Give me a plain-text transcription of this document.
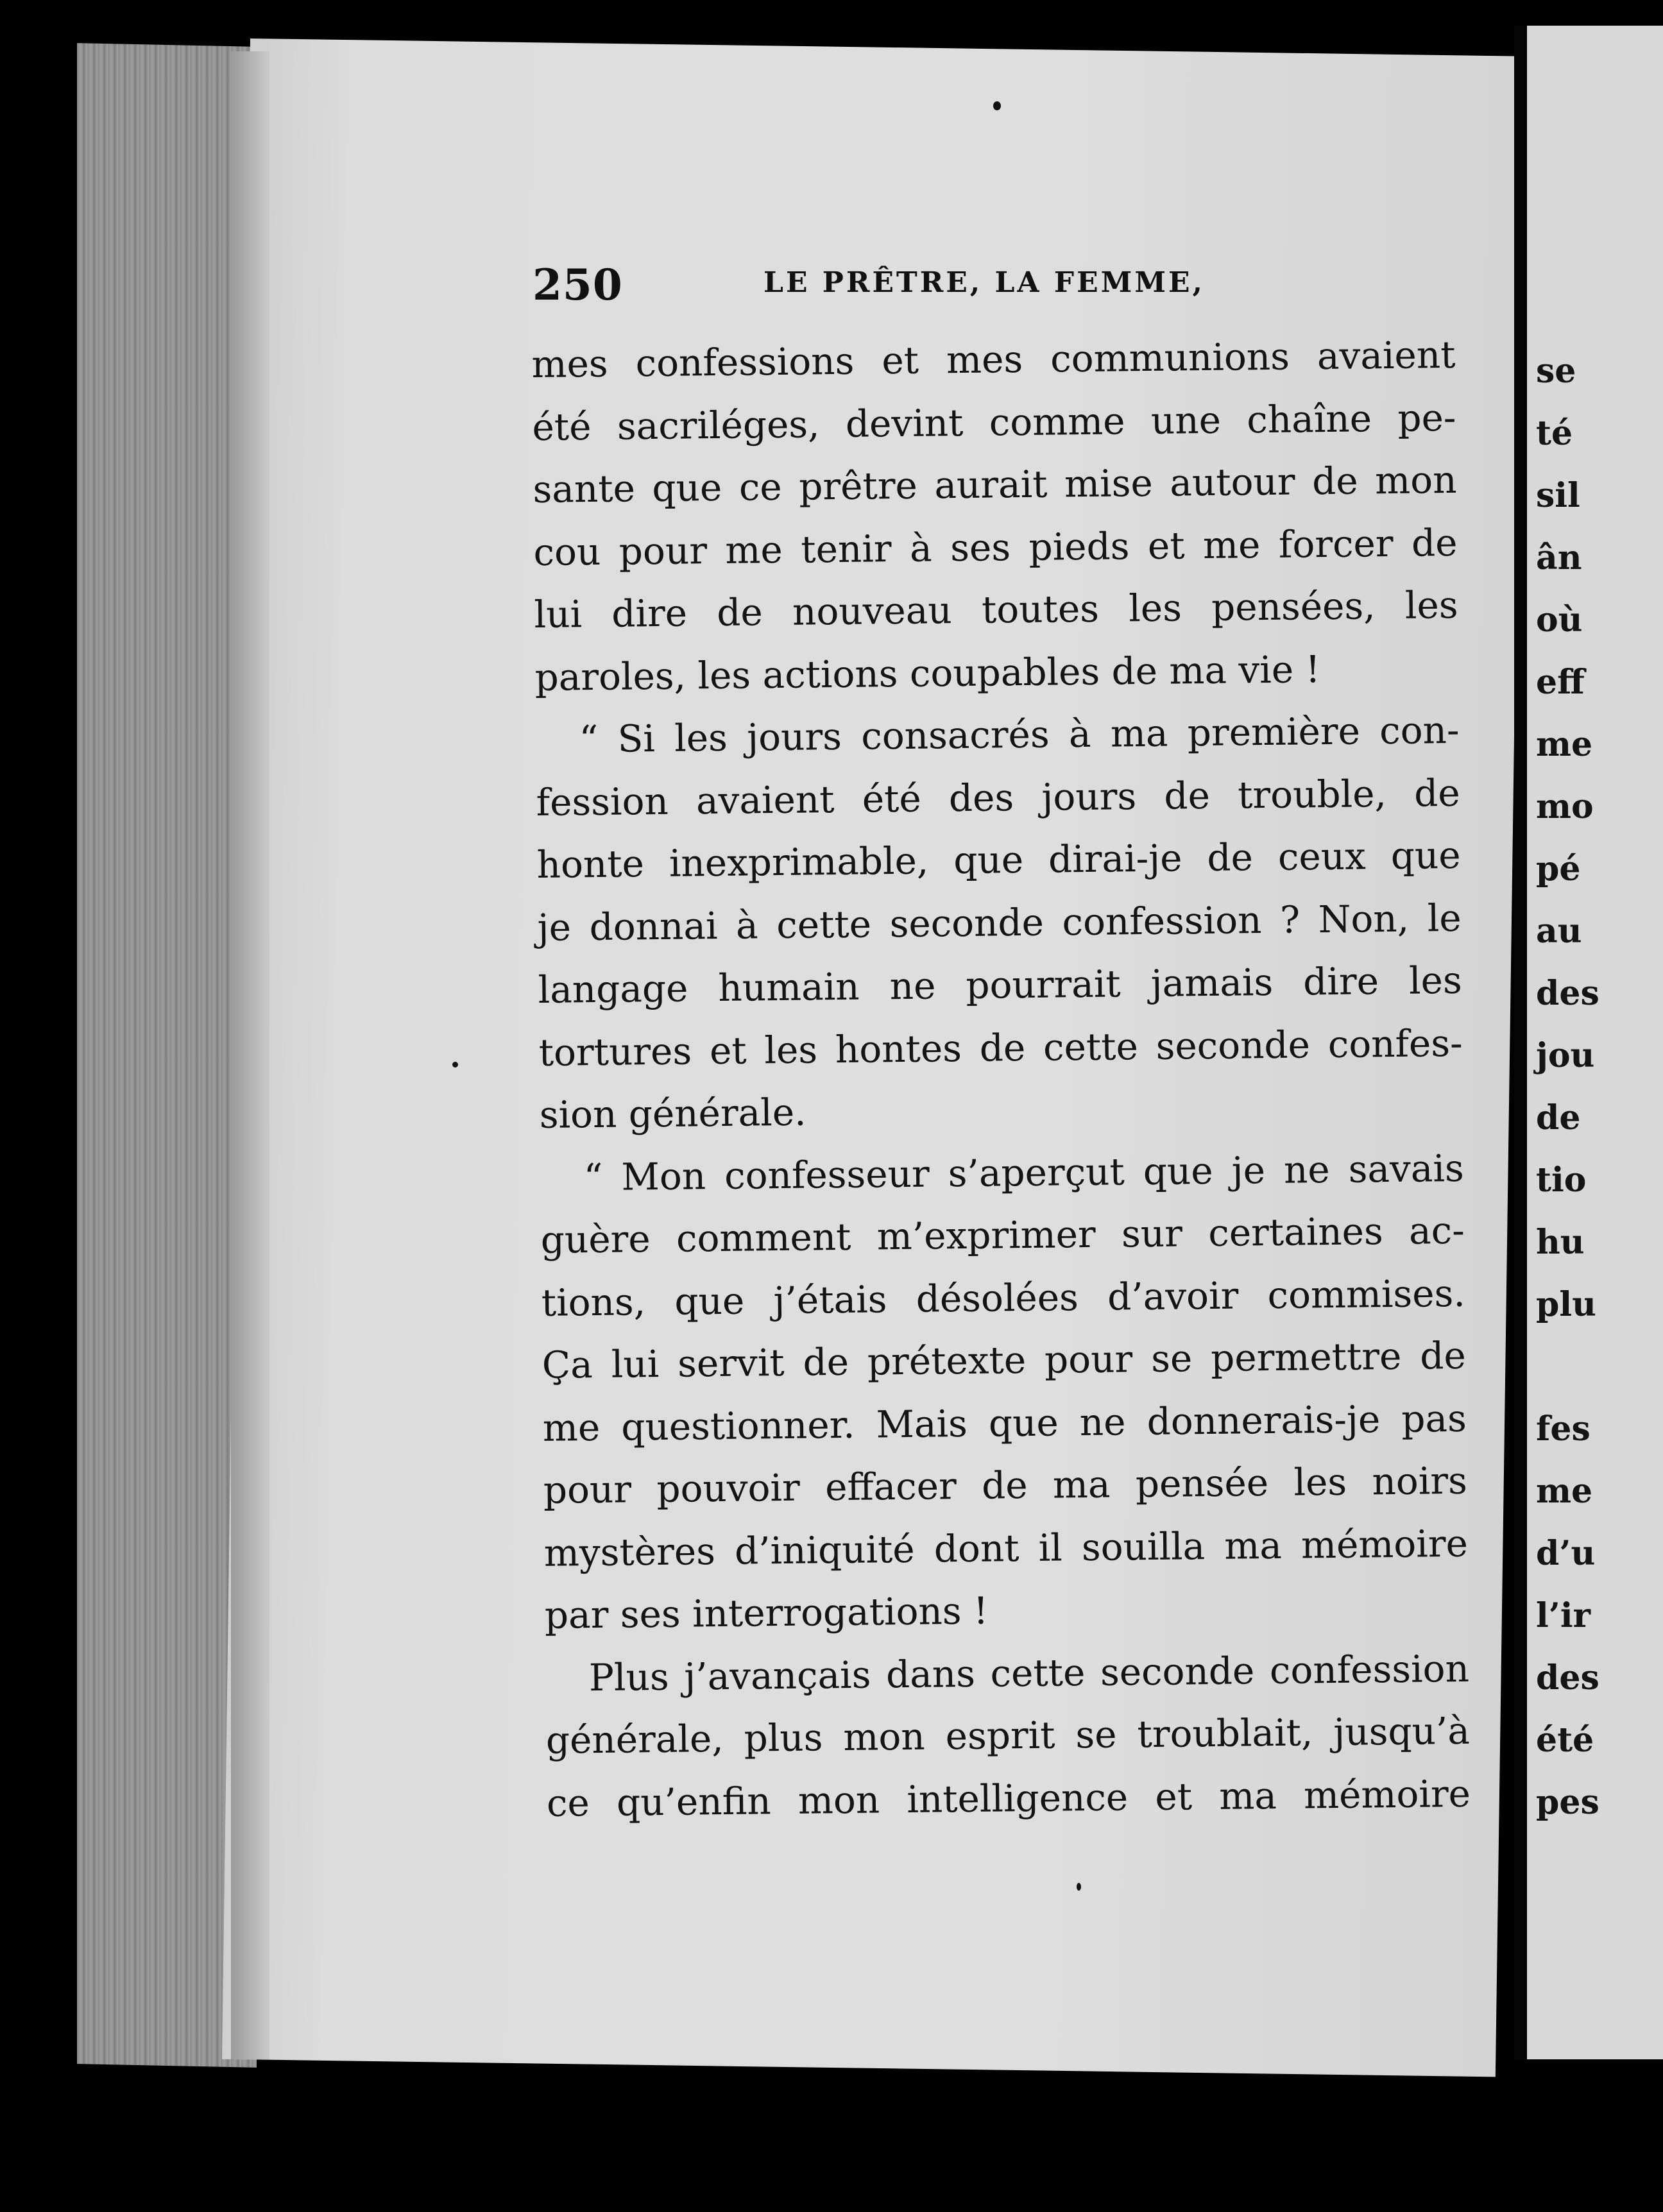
250	LE PRÊTRE, LA FEMME,
mes confessions et mes communions avaient
été sacriléges, devint comme une chaîne pe-
sante que ce prêtre aurait mise autour de mon
cou pour me tenir à ses pieds et me forcer de
lui dire de nouveau toutes les pensées, les
paroles, les actions coupables de ma vie !
“ Si les jours consacrés à ma première con-
fession avaient été des jours de trouble, de
honte inexprimable, que dirai-je de ceux que
je donnai à cette seconde confession ? Non, le
langage humain ne pourrait jamais dire les
tortures et les hontes de cette seconde confes-
sion générale.
“ Mon confesseur s’aperçut que je ne savais
guère comment m’exprimer sur certaines ac-
tions, que j’étais désolées d’avoir commises.
Ça lui servit de prétexte pour se permettre de
me questionner. Mais que ne donnerais-je pas
pour pouvoir effacer de ma pensée les noirs
mystères d’iniquité dont il souilla ma mémoire
par ses interrogations !
Plus j’avançais dans cette seconde confession
générale, plus mon esprit se troublait, jusqu’à
ce qu’enfin mon intelligence et ma mémoire
se
té
sil
ân
où
eff
me
mo
pé
au
des
jou
de
tio
hu
plu

fes
me
d’u
l’ir
des
été
pes
